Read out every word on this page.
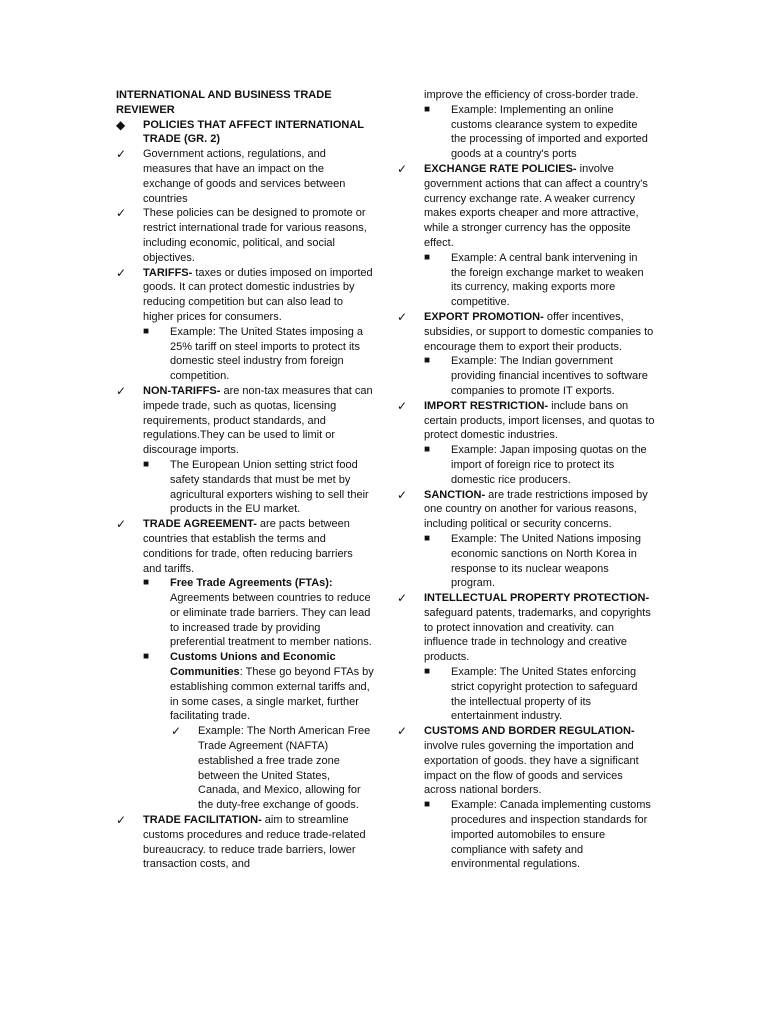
INTERNATIONAL AND BUSINESS TRADE
REVIEWER

◆ POLICIES THAT AFFECT INTERNATIONAL TRADE (GR. 2)
✓ Government actions, regulations, and measures that have an impact on the exchange of goods and services between countries
✓ These policies can be designed to promote or restrict international trade for various reasons, including economic, political, and social objectives.
✓ TARIFFS- taxes or duties imposed on imported goods. It can protect domestic industries by reducing competition but can also lead to higher prices for consumers.
■ Example: The United States imposing a 25% tariff on steel imports to protect its domestic steel industry from foreign competition.
✓ NON-TARIFFS- are non-tax measures that can impede trade, such as quotas, licensing requirements, product standards, and regulations.They can be used to limit or discourage imports.
■ The European Union setting strict food safety standards that must be met by agricultural exporters wishing to sell their products in the EU market.
✓ TRADE AGREEMENT- are pacts between countries that establish the terms and conditions for trade, often reducing barriers and tariffs.
■ Free Trade Agreements (FTAs): Agreements between countries to reduce or eliminate trade barriers. They can lead to increased trade by providing preferential treatment to member nations.
■ Customs Unions and Economic Communities: These go beyond FTAs by establishing common external tariffs and, in some cases, a single market, further facilitating trade.
✓ Example: The North American Free Trade Agreement (NAFTA) established a free trade zone between the United States, Canada, and Mexico, allowing for the duty-free exchange of goods.
✓ TRADE FACILITATION- aim to streamline customs procedures and reduce trade-related bureaucracy. to reduce trade barriers, lower transaction costs, and
improve the efficiency of cross-border trade.
■ Example: Implementing an online customs clearance system to expedite the processing of imported and exported goods at a country's ports
✓ EXCHANGE RATE POLICIES- involve government actions that can affect a country's currency exchange rate. A weaker currency makes exports cheaper and more attractive, while a stronger currency has the opposite effect.
■ Example: A central bank intervening in the foreign exchange market to weaken its currency, making exports more competitive.
✓ EXPORT PROMOTION- offer incentives, subsidies, or support to domestic companies to encourage them to export their products.
■ Example: The Indian government providing financial incentives to software companies to promote IT exports.
✓ IMPORT RESTRICTION- include bans on certain products, import licenses, and quotas to protect domestic industries.
■ Example: Japan imposing quotas on the import of foreign rice to protect its domestic rice producers.
✓ SANCTION- are trade restrictions imposed by one country on another for various reasons, including political or security concerns.
■ Example: The United Nations imposing economic sanctions on North Korea in response to its nuclear weapons program.
✓ INTELLECTUAL PROPERTY PROTECTION- safeguard patents, trademarks, and copyrights to protect innovation and creativity. can influence trade in technology and creative products.
■ Example: The United States enforcing strict copyright protection to safeguard the intellectual property of its entertainment industry.
✓ CUSTOMS AND BORDER REGULATION- involve rules governing the importation and exportation of goods. they have a significant impact on the flow of goods and services across national borders.
■ Example: Canada implementing customs procedures and inspection standards for imported automobiles to ensure compliance with safety and environmental regulations.
